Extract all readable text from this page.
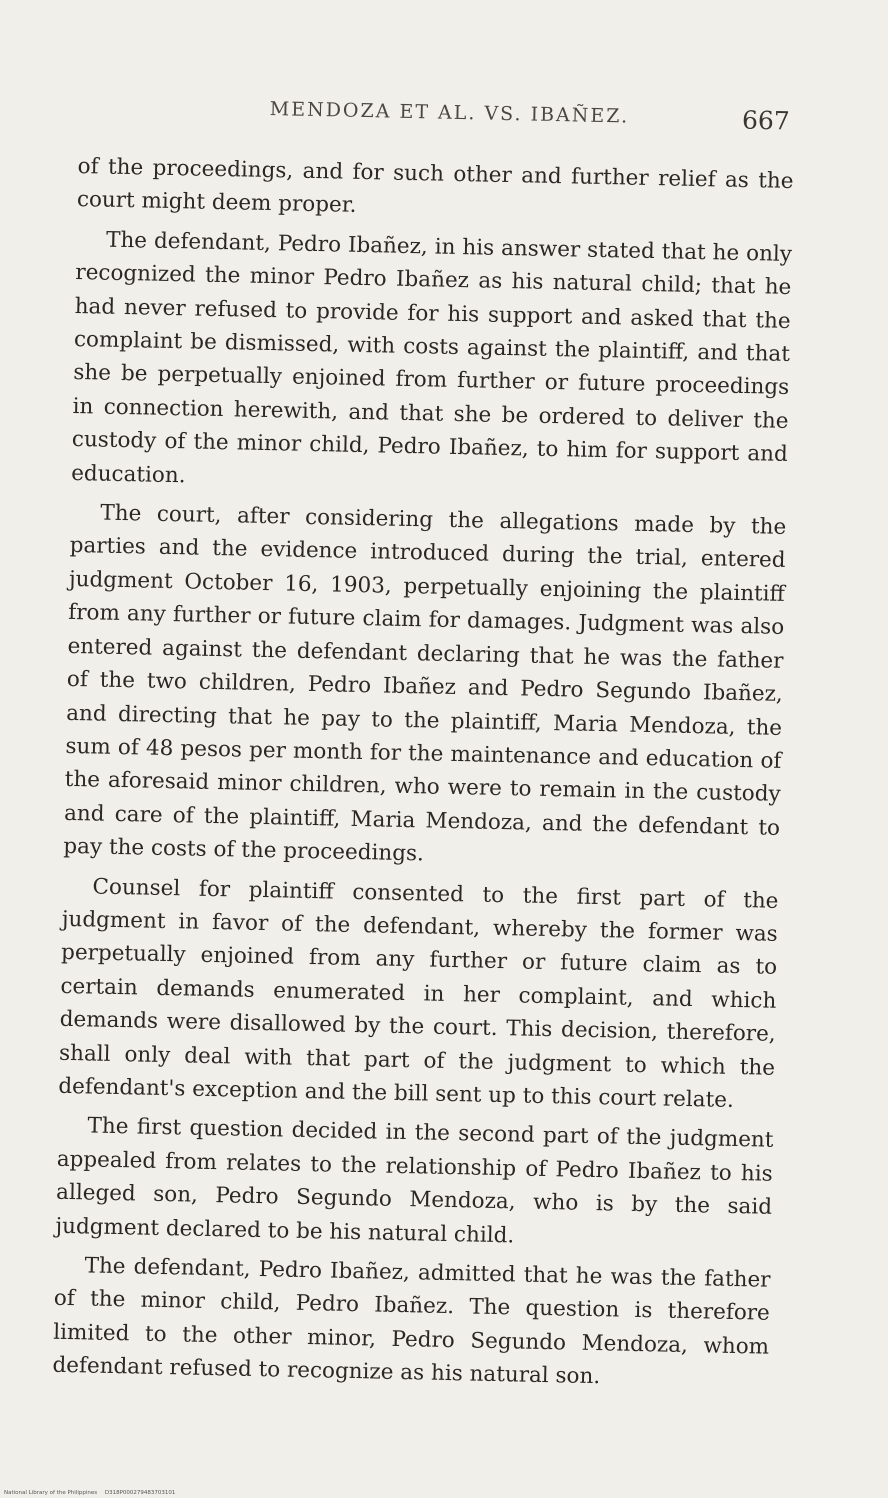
MENDOZA ET AL. VS. IBAÑEZ.	667

of the proceedings, and for such other and further relief as the court might deem proper.

The defendant, Pedro Ibañez, in his answer stated that he only recognized the minor Pedro Ibañez as his natural child; that he had never refused to provide for his support and asked that the complaint be dismissed, with costs against the plaintiff, and that she be perpetually enjoined from further or future proceedings in connection herewith, and that she be ordered to deliver the custody of the minor child, Pedro Ibañez, to him for support and education.

The court, after considering the allegations made by the parties and the evidence introduced during the trial, entered judgment October 16, 1903, perpetually enjoining the plaintiff from any further or future claim for damages. Judgment was also entered against the defendant declaring that he was the father of the two children, Pedro Ibañez and Pedro Segundo Ibañez, and directing that he pay to the plaintiff, Maria Mendoza, the sum of 48 pesos per month for the maintenance and education of the aforesaid minor children, who were to remain in the custody and care of the plaintiff, Maria Mendoza, and the defendant to pay the costs of the proceedings.

Counsel for plaintiff consented to the first part of the judgment in favor of the defendant, whereby the former was perpetually enjoined from any further or future claim as to certain demands enumerated in her complaint, and which demands were disallowed by the court. This decision, therefore, shall only deal with that part of the judgment to which the defendant's exception and the bill sent up to this court relate.

The first question decided in the second part of the judgment appealed from relates to the relationship of Pedro Ibañez to his alleged son, Pedro Segundo Mendoza, who is by the said judgment declared to be his natural child.

The defendant, Pedro Ibañez, admitted that he was the father of the minor child, Pedro Ibañez. The question is therefore limited to the other minor, Pedro Segundo Mendoza, whom defendant refused to recognize as his natural son.

National Library of the Philippines D318P000279483703101
